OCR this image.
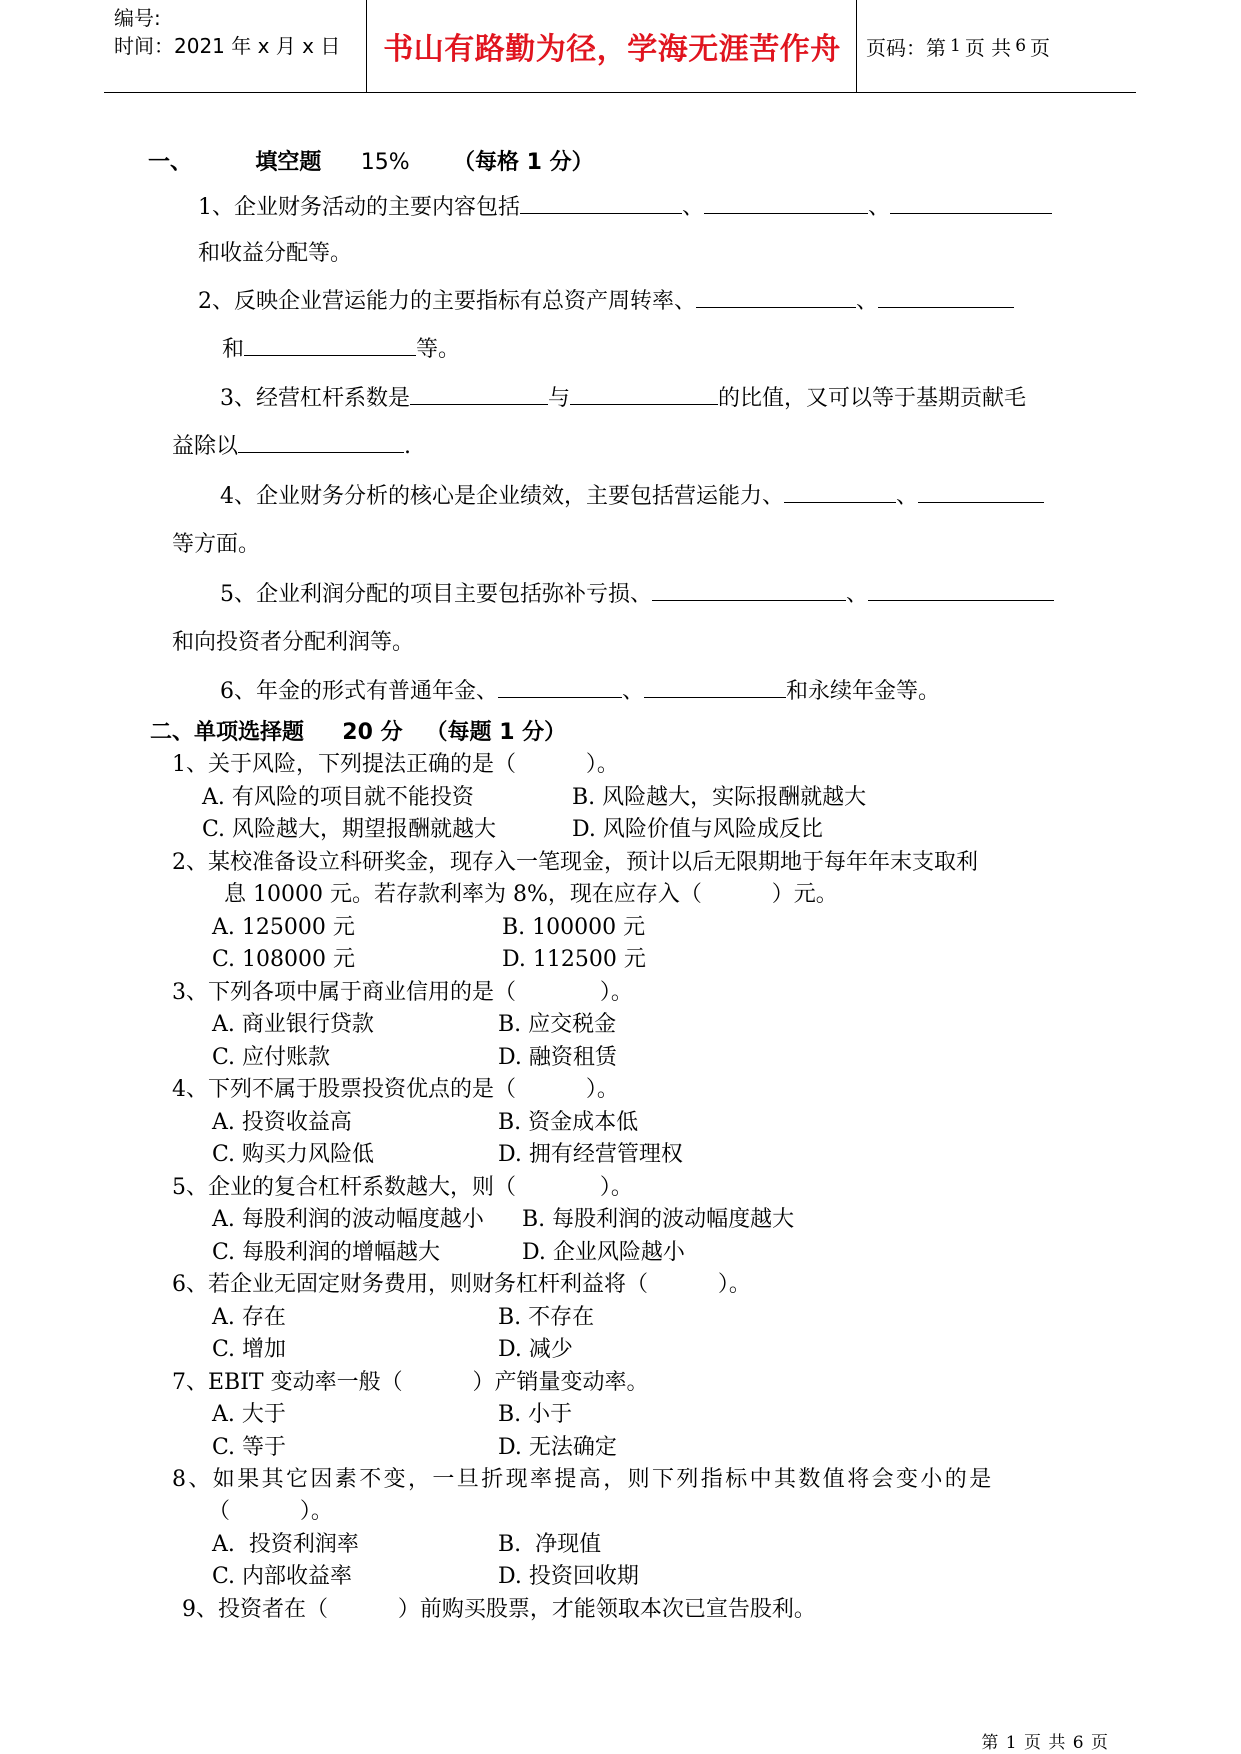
编号:
时间：2021 年 x 月 x 日	书山有路勤为径，学海无涯苦作舟	页码：第 1 页 共 6 页
一、	填空题 15% （每格 1 分）
1、企业财务活动的主要内容包括	、	、
和收益分配等。
2、反映企业营运能力的主要指标有总资产周转率、	、
和	等。
3、经营杠杆系数是	与	的比值，又可以等于基期贡献毛
益除以	.
4、企业财务分析的核心是企业绩效，主要包括营运能力、	、
等方面。
5、企业利润分配的项目主要包括弥补亏损、	、
和向投资者分配利润等。
6、年金的形式有普通年金、	、	和永续年金等。
二、单项选择题     20 分   （每题 1 分）
1、关于风险，下列提法正确的是（          ）。
A. 有风险的项目就不能投资	B. 风险越大，实际报酬就越大
C. 风险越大，期望报酬就越大	D. 风险价值与风险成反比
2、某校准备设立科研奖金，现存入一笔现金，预计以后无限期地于每年年末支取利
息 10000 元。若存款利率为 8%，现在应存入（          ）元。
A. 125000 元	B. 100000 元
C. 108000 元	D. 112500 元
3、下列各项中属于商业信用的是（            ）。
A. 商业银行贷款	B. 应交税金
C. 应付账款	D. 融资租赁
4、下列不属于股票投资优点的是（          ）。
A. 投资收益高	B. 资金成本低
C. 购买力风险低	D. 拥有经营管理权
5、企业的复合杠杆系数越大，则（            ）。
A. 每股利润的波动幅度越小 B. 每股利润的波动幅度越大
C. 每股利润的增幅越大	D. 企业风险越小
6、若企业无固定财务费用，则财务杠杆利益将（          ）。
A. 存在	B. 不存在
C. 增加	D. 减少
7、EBIT 变动率一般（          ）产销量变动率。
A. 大于	B. 小于
C. 等于	D. 无法确定
8、如果其它因素不变，一旦折现率提高，则下列指标中其数值将会变小的是
（          ）。
A.  投资利润率	B.  净现值
C. 内部收益率	D. 投资回收期
9、投资者在（          ）前购买股票，才能领取本次已宣告股利。
第 1 页 共 6 页
